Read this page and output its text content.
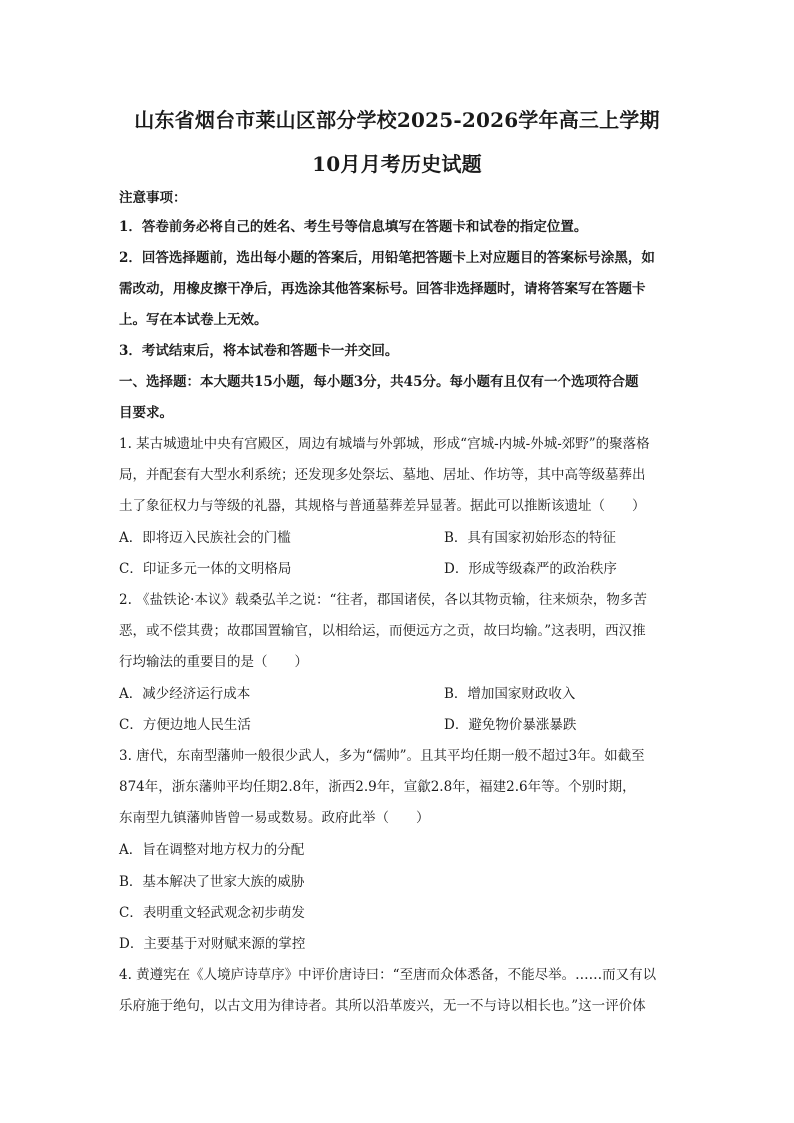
山东省烟台市莱山区部分学校2025-2026学年高三上学期
10月月考历史试题
注意事项：
1．答卷前务必将自己的姓名、考生号等信息填写在答题卡和试卷的指定位置。
2．回答选择题前，选出每小题的答案后，用铅笔把答题卡上对应题目的答案标号涂黑，如
需改动，用橡皮擦干净后，再选涂其他答案标号。回答非选择题时，请将答案写在答题卡
上。写在本试卷上无效。
3．考试结束后，将本试卷和答题卡一并交回。
一、选择题：本大题共15小题，每小题3分，共45分。每小题有且仅有一个选项符合题
目要求。
1. 某古城遗址中央有宫殿区，周边有城墙与外郭城，形成“宫城-内城-外城-郊野”的聚落格
局，并配套有大型水利系统；还发现多处祭坛、墓地、居址、作坊等，其中高等级墓葬出
土了象征权力与等级的礼器，其规格与普通墓葬差异显著。据此可以推断该遗址（　　）
A．即将迈入民族社会的门槛	B．具有国家初始形态的特征
C．印证多元一体的文明格局	D．形成等级森严的政治秩序
2. 《盐铁论·本议》载桑弘羊之说：“往者，郡国诸侯，各以其物贡输，往来烦杂，物多苦
恶，或不偿其费；故郡国置输官，以相给运，而便远方之贡，故曰均输。”这表明，西汉推
行均输法的重要目的是（　　）
A．减少经济运行成本	B．增加国家财政收入
C．方便边地人民生活	D．避免物价暴涨暴跌
3. 唐代，东南型藩帅一般很少武人，多为“儒帅”。且其平均任期一般不超过3年。如截至
874年，浙东藩帅平均任期2.8年，浙西2.9年，宣歙2.8年，福建2.6年等。个别时期，
东南型九镇藩帅皆曾一易或数易。政府此举（　　）
A．旨在调整对地方权力的分配
B．基本解决了世家大族的威胁
C．表明重文轻武观念初步萌发
D．主要基于对财赋来源的掌控
4. 黄遵宪在《人境庐诗草序》中评价唐诗曰：“至唐而众体悉备，不能尽举。……而又有以
乐府施于绝句，以古文用为律诗者。其所以沿革废兴，无一不与诗以相长也。”这一评价体
